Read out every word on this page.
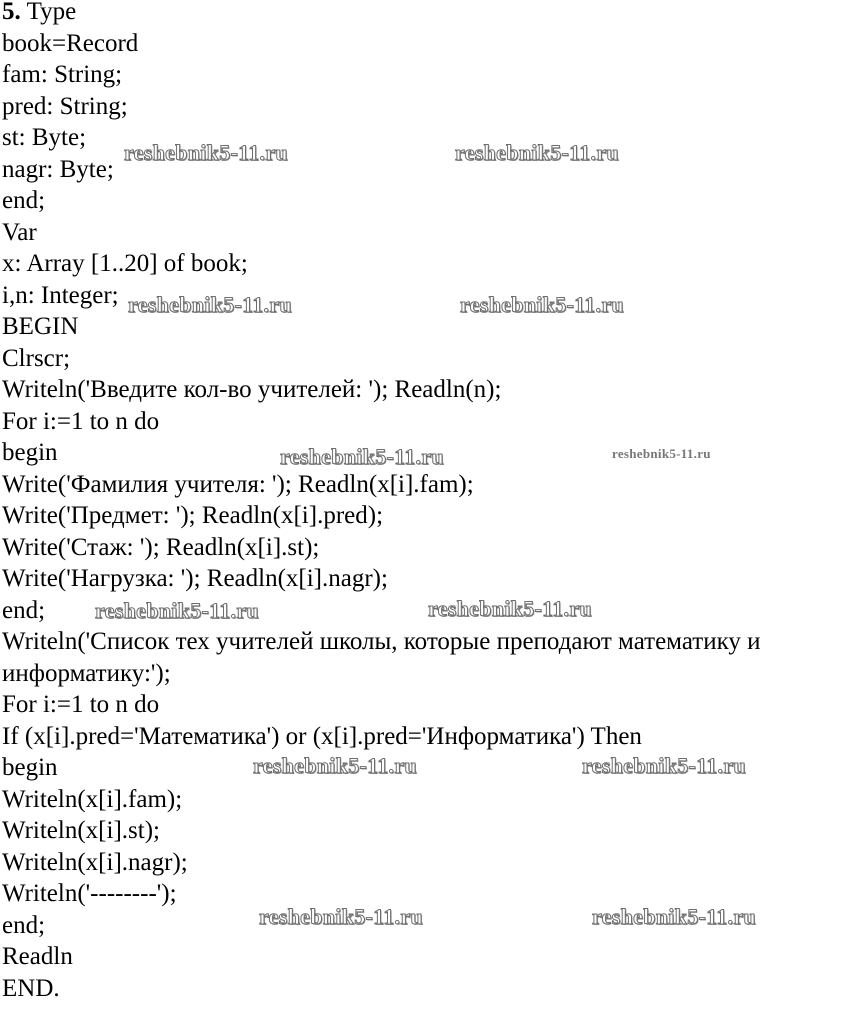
5. Type
book=Record
fam: String;
pred: String;
st: Byte;
nagr: Byte;
end;
Var
x: Array [1..20] of book;
i,n: Integer;
BEGIN
Clrscr;
Writeln('Введите кол-во учителей: '); Readln(n);
For i:=1 to n do
begin
Write('Фамилия учителя: '); Readln(x[i].fam);
Write('Предмет: '); Readln(x[i].pred);
Write('Стаж: '); Readln(x[i].st);
Write('Нагрузка: '); Readln(x[i].nagr);
end;
Writeln('Список тех учителей школы, которые преподают математику и информатику:');
For i:=1 to n do
If (x[i].pred='Математика') or (x[i].pred='Информатика') Then
begin
Writeln(x[i].fam);
Writeln(x[i].st);
Writeln(x[i].nagr);
Writeln('--------');
end;
Readln
END.
reshebnik5-11.ru	reshebnik5-11.ru
reshebnik5-11.ru	reshebnik5-11.ru
reshebnik5-11.ru	reshebnik5-11.ru
reshebnik5-11.ru	reshebnik5-11.ru
reshebnik5-11.ru	reshebnik5-11.ru
reshebnik5-11.ru	reshebnik5-11.ru
